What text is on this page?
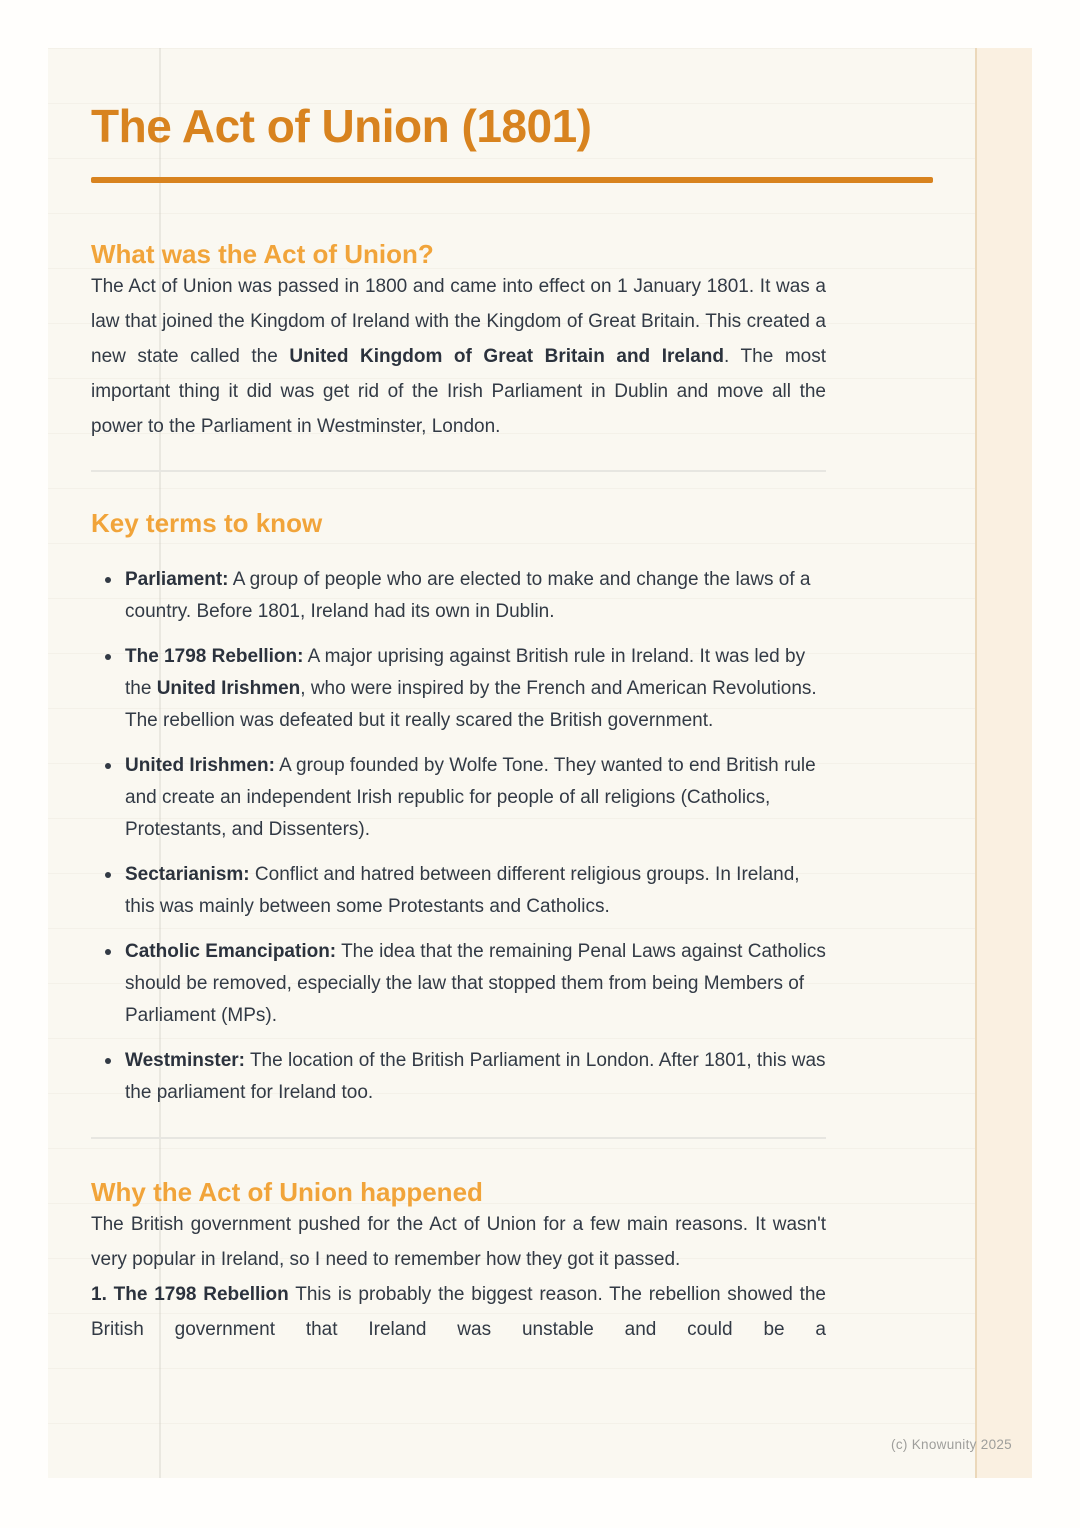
The Act of Union (1801)
What was the Act of Union?

The Act of Union was passed in 1800 and came into effect on 1 January 1801. It was a law that joined the Kingdom of Ireland with the Kingdom of Great Britain. This created a new state called the United Kingdom of Great Britain and Ireland. The most important thing it did was get rid of the Irish Parliament in Dublin and move all the power to the Parliament in Westminster, London.

Key terms to know
Parliament: A group of people who are elected to make and change the laws of a country. Before 1801, Ireland had its own in Dublin.
The 1798 Rebellion: A major uprising against British rule in Ireland. It was led by the United Irishmen, who were inspired by the French and American Revolutions. The rebellion was defeated but it really scared the British government.
United Irishmen: A group founded by Wolfe Tone. They wanted to end British rule and create an independent Irish republic for people of all religions (Catholics, Protestants, and Dissenters).
Sectarianism: Conflict and hatred between different religious groups. In Ireland, this was mainly between some Protestants and Catholics.
Catholic Emancipation: The idea that the remaining Penal Laws against Catholics should be removed, especially the law that stopped them from being Members of Parliament (MPs).
Westminster: The location of the British Parliament in London. After 1801, this was the parliament for Ireland too.
Why the Act of Union happened

The British government pushed for the Act of Union for a few main reasons. It wasn't very popular in Ireland, so I need to remember how they got it passed.

1. The 1798 Rebellion This is probably the biggest reason. The rebellion showed the British government that Ireland was unstable and could be a

(c) Knowunity 2025
